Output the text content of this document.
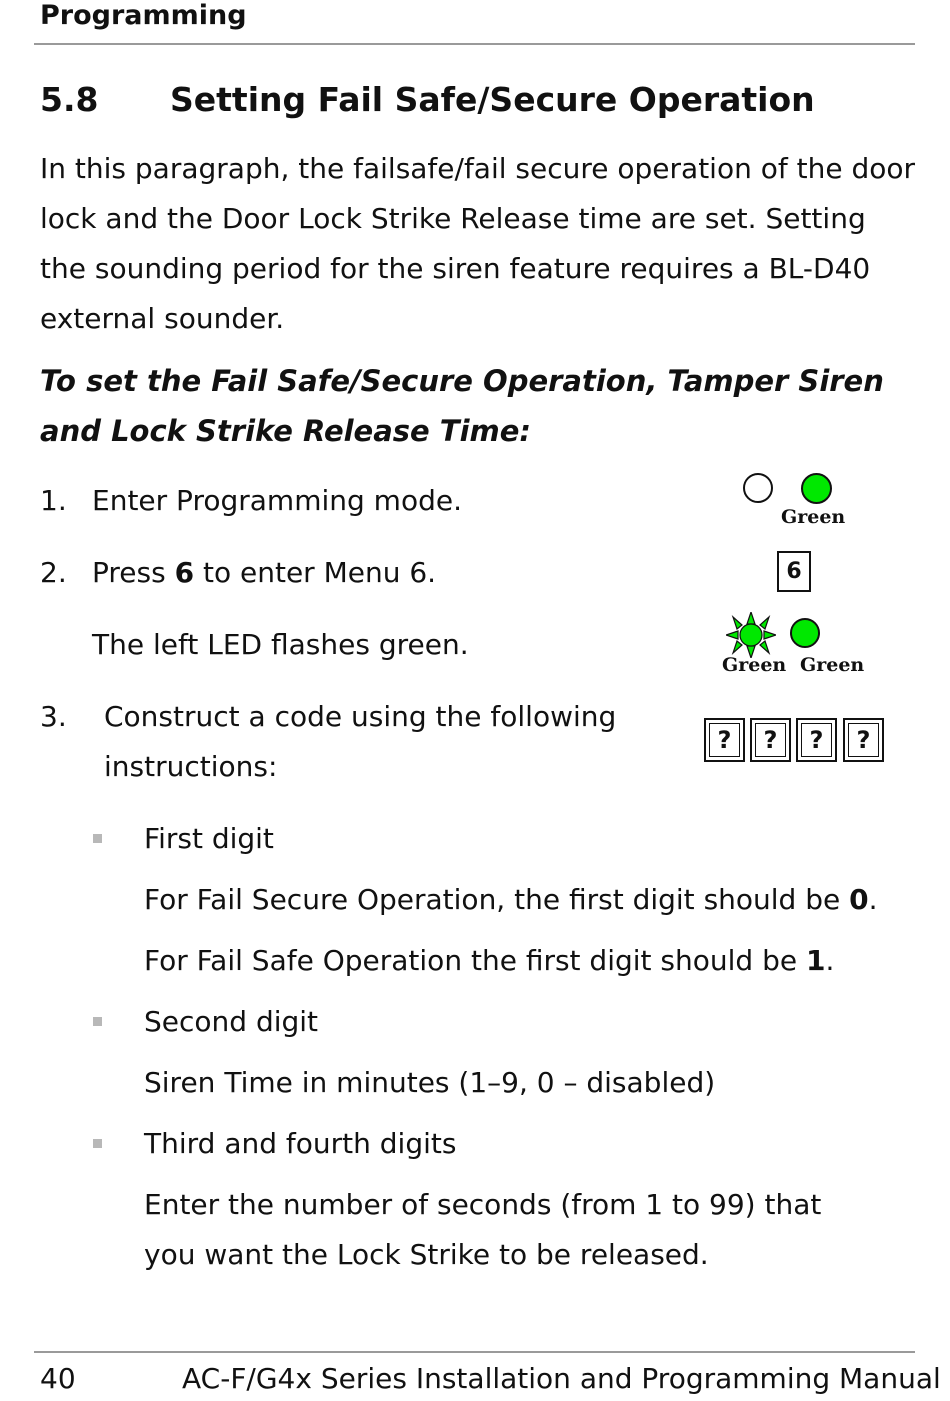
Programming
5.8 Setting Fail Safe/Secure Operation
In this paragraph, the failsafe/fail secure operation of the door lock and the Door Lock Strike Release time are set. Setting the sounding period for the siren feature requires a BL-D40 external sounder.
To set the Fail Safe/Secure Operation, Tamper Siren and Lock Strike Release Time:
1. Enter Programming mode.	Green
2. Press 6 to enter Menu 6.	6
The left LED flashes green.
Green Green
3. Construct a code using the following instructions:
? ? ? ?
First digit
For Fail Secure Operation, the first digit should be 0.
For Fail Safe Operation the first digit should be 1.
Second digit
Siren Time in minutes (1–9, 0 – disabled)
Third and fourth digits
Enter the number of seconds (from 1 to 99) that you want the Lock Strike to be released.
40	AC-F/G4x Series Installation and Programming Manual
